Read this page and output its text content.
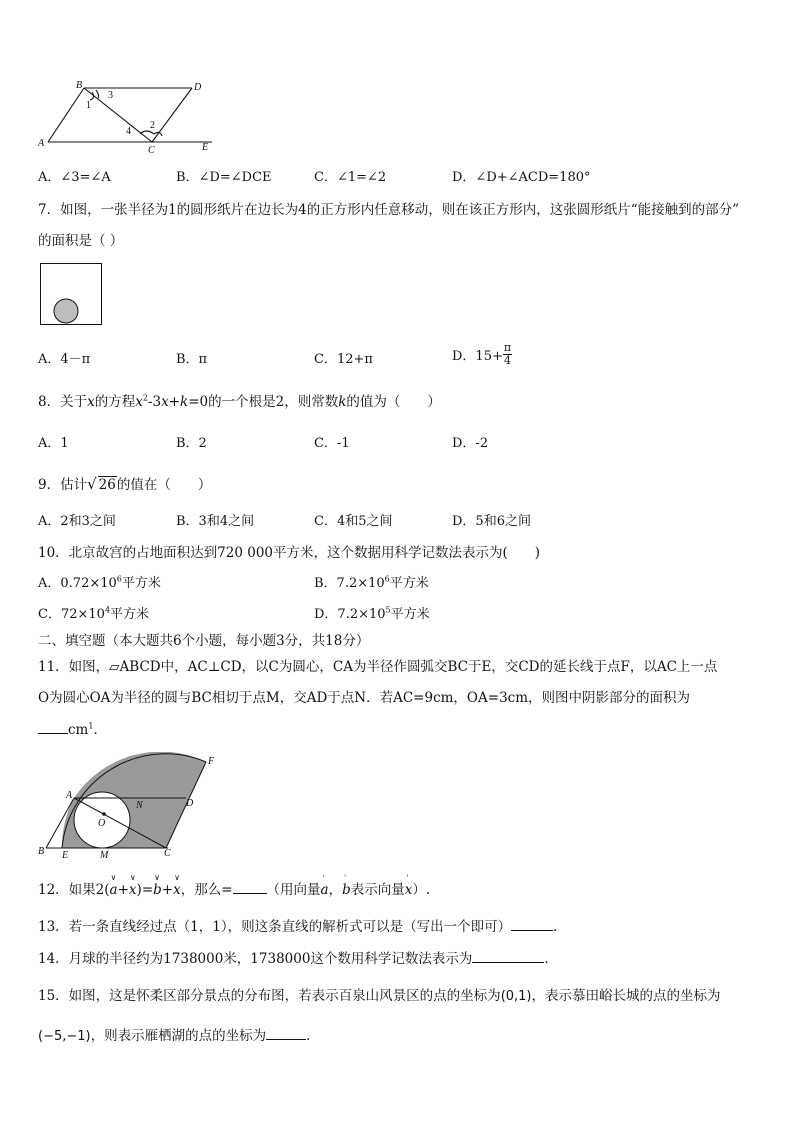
B	D
A
C	E
1
3
4
2
A．∠3=∠A	B．∠D=∠DCE	C．∠1=∠2	D．∠D+∠ACD=180°
7．如图，一张半径为1的圆形纸片在边长为4的正方形内任意移动，则在该正方形内，这张圆形纸片“能接触到的部分”
的面积是（ ）
A．4－π	B．π	C．12+π	D．$15+ \frac{\pi}{4}$
8．关于x的方程$x^2-3x+k=0$的一个根是2，则常数k的值为（　　）
A．1	B．2	C．-1	D．-2
9．估计√ 26的值在（　　）
A．2和3之间	B．3和4之间	C．4和5之间	D．5和6之间
10．北京故宫的占地面积达到720 000平方米，这个数据用科学记数法表示为(　　)
A．$0.72\times 10^6$平方米	B．$7.2\times 10^6$平方米
C．$72\times 10^4$平方米	D．$7.2\times 10^5$平方米
二、填空题（本大题共6个小题，每小题3分，共18分）
11．如图，▱ABCD中，AC⊥CD，以C为圆心，CA为半径作圆弧交BC于E，交CD的延长线于点F，以AC上一点
O为圆心OA为半径的圆与BC相切于点M，交AD于点N．若AC=9cm，OA=3cm，则图中阴影部分的面积为
$cm^1$．
F
A
N	D
O
B E	M	C
12．如果2(
∨
a+
∨
x)=
∨
b+
∨
x，那么=	（用向量
'
a，
'
b表示向量
'
x）.
13．若一条直线经过点（1，1），则这条直线的解析式可以是（写出一个即可）	．
14．月球的半径约为1738000米，1738000这个数用科学记数法表示为	．
15．如图，这是怀柔区部分景点的分布图，若表示百泉山风景区的点的坐标为(0,1)，表示慕田峪长城的点的坐标为
(−5,−1)，则表示雁栖湖的点的坐标为	．
